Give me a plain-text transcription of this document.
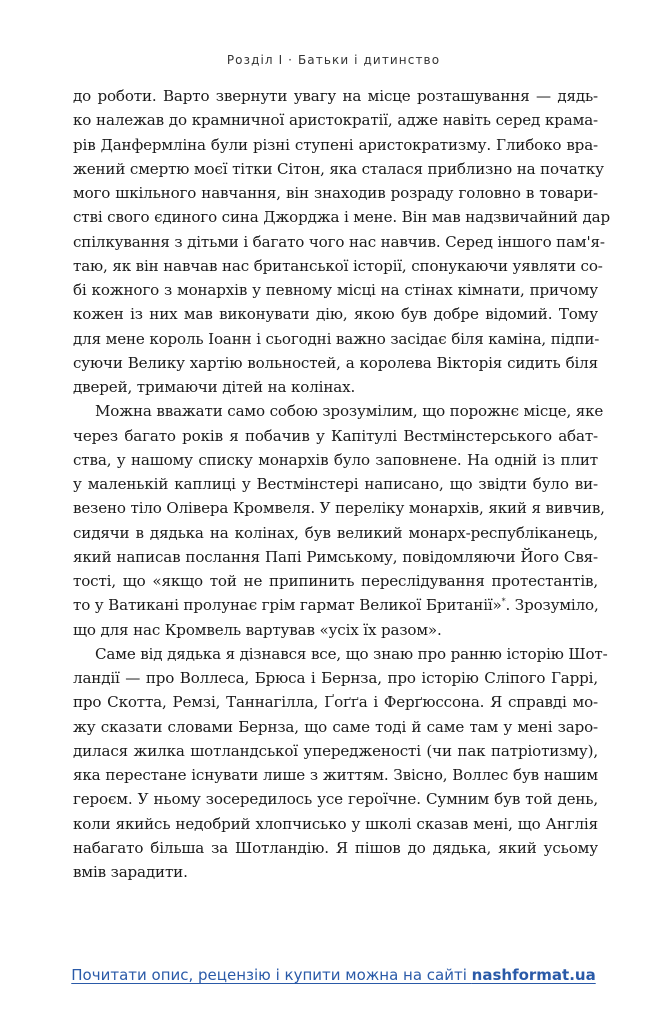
Розділ І · Батьки і дитинство
до роботи. Варто звернути увагу на місце розташування — дядь-
ко належав до крамничної аристократії, адже навіть серед крама-
рів Данфермліна були різні ступені аристократизму. Глибоко вра-
жений смертю моєї тітки Сітон, яка сталася приблизно на початку
мого шкільного навчання, він знаходив розраду головно в товари-
стві свого єдиного сина Джорджа і мене. Він мав надзвичайний дар
спілкування з дітьми і багато чого нас навчив. Серед іншого пам'я-
таю, як він навчав нас британської історії, спонукаючи уявляти со-
бі кожного з монархів у певному місці на стінах кімнати, причому
кожен із них мав виконувати дію, якою був добре відомий. Тому
для мене король Іоанн і сьогодні важно засідає біля каміна, підпи-
суючи Велику хартію вольностей, а королева Вікторія сидить біля
дверей, тримаючи дітей на колінах.
Можна вважати само собою зрозумілим, що порожнє місце, яке
через багато років я побачив у Капітулі Вестмінстерського абат-
ства, у нашому списку монархів було заповнене. На одній із плит
у маленькій каплиці у Вестмінстері написано, що звідти було ви-
везено тіло Олівера Кромвеля. У переліку монархів, який я вивчив,
сидячи в дядька на колінах, був великий монарх-республіканець,
який написав послання Папі Римському, повідомляючи Його Свя-
тості, що «якщо той не припинить переслідування протестантів,
то у Ватикані пролунає грім гармат Великої Британії»*. Зрозуміло,
що для нас Кромвель вартував «усіх їх разом».
Саме від дядька я дізнався все, що знаю про ранню історію Шот-
ландії — про Воллеса, Брюса і Бернза, про історію Сліпого Гаррі,
про Скотта, Ремзі, Таннагілла, Ґоґґа і Ферґюссона. Я справді мо-
жу сказати словами Бернза, що саме тоді й саме там у мені заро-
дилася жилка шотландської упередженості (чи пак патріотизму),
яка перестане існувати лише з життям. Звісно, Воллес був нашим
героєм. У ньому зосередилось усе героїчне. Сумним був той день,
коли якийсь недобрий хлопчисько у школі сказав мені, що Англія
набагато більша за Шотландію. Я пішов до дядька, який усьому
вмів зарадити.
Почитати опис, рецензію і купити можна на сайті nashformat.ua
